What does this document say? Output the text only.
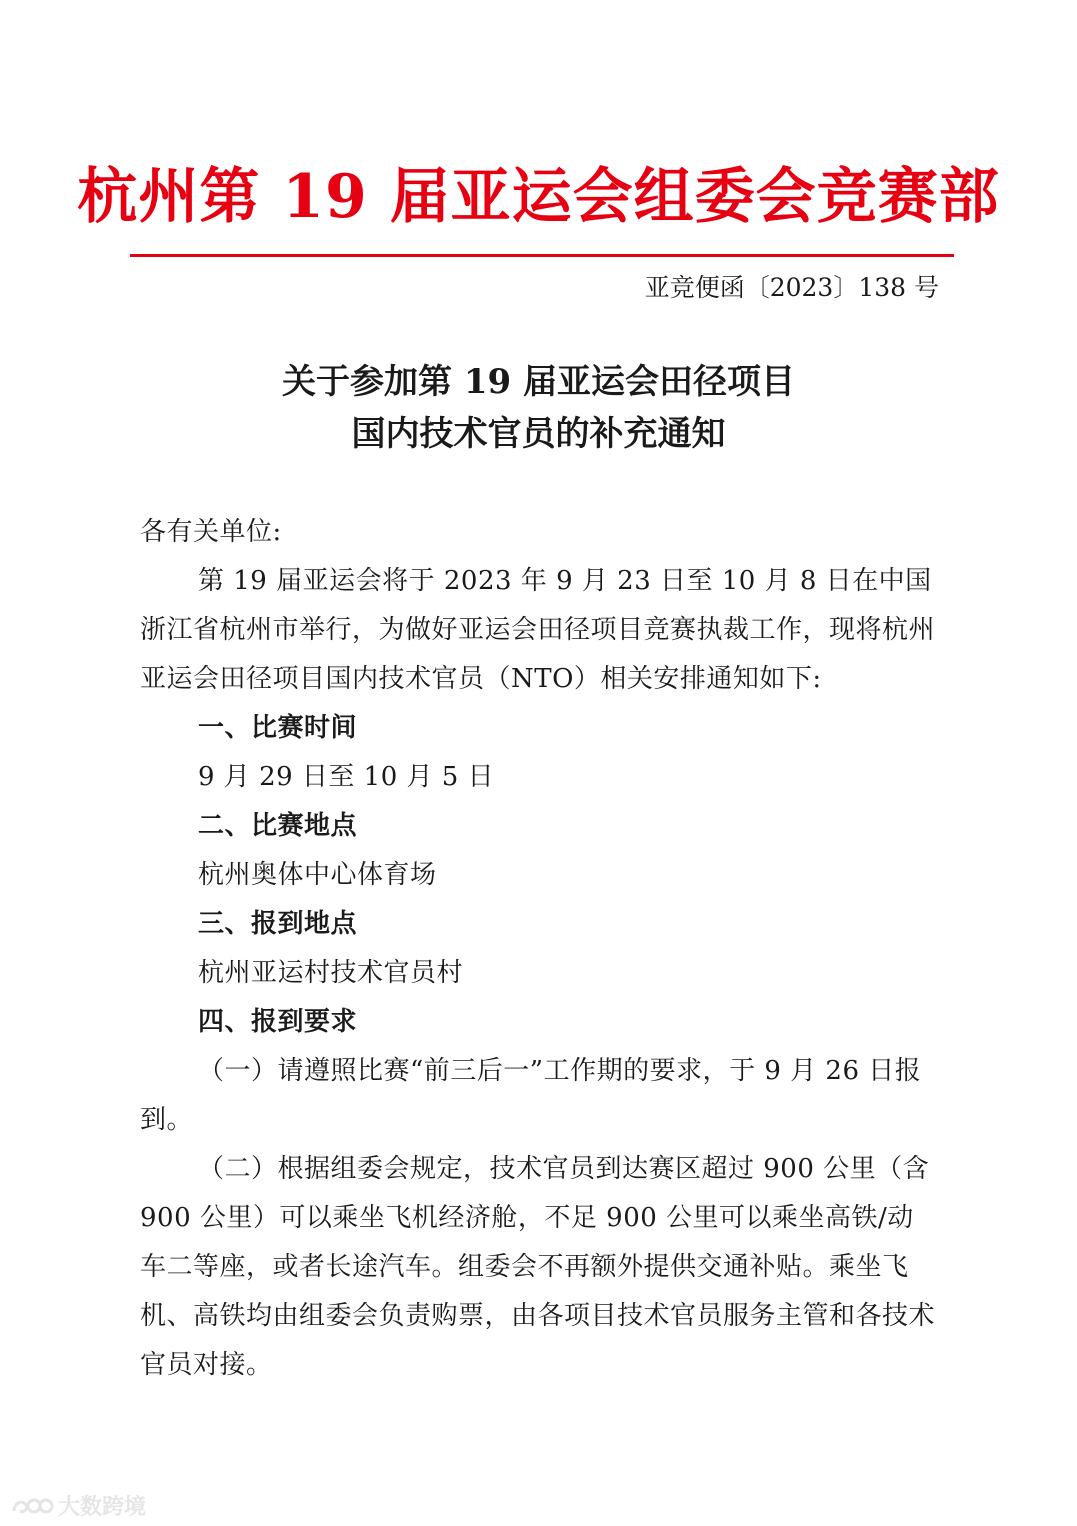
杭州第 19 届亚运会组委会竞赛部
亚竞便函〔2023〕138 号
关于参加第 19 届亚运会田径项目
国内技术官员的补充通知

各有关单位:

第 19 届亚运会将于 2023 年 9 月 23 日至 10 月 8 日在中国浙江省杭州市举行，为做好亚运会田径项目竞赛执裁工作，现将杭州亚运会田径项目国内技术官员（NTO）相关安排通知如下:

一、比赛时间

9 月 29 日至 10 月 5 日

二、比赛地点

杭州奥体中心体育场

三、报到地点

杭州亚运村技术官员村

四、报到要求

（一）请遵照比赛“前三后一”工作期的要求，于 9 月 26 日报到。

（二）根据组委会规定，技术官员到达赛区超过 900 公里（含 900 公里）可以乘坐飞机经济舱，不足 900 公里可以乘坐高铁/动车二等座，或者长途汽车。组委会不再额外提供交通补贴。乘坐飞机、高铁均由组委会负责购票，由各项目技术官员服务主管和各技术官员对接。

大数跨境
